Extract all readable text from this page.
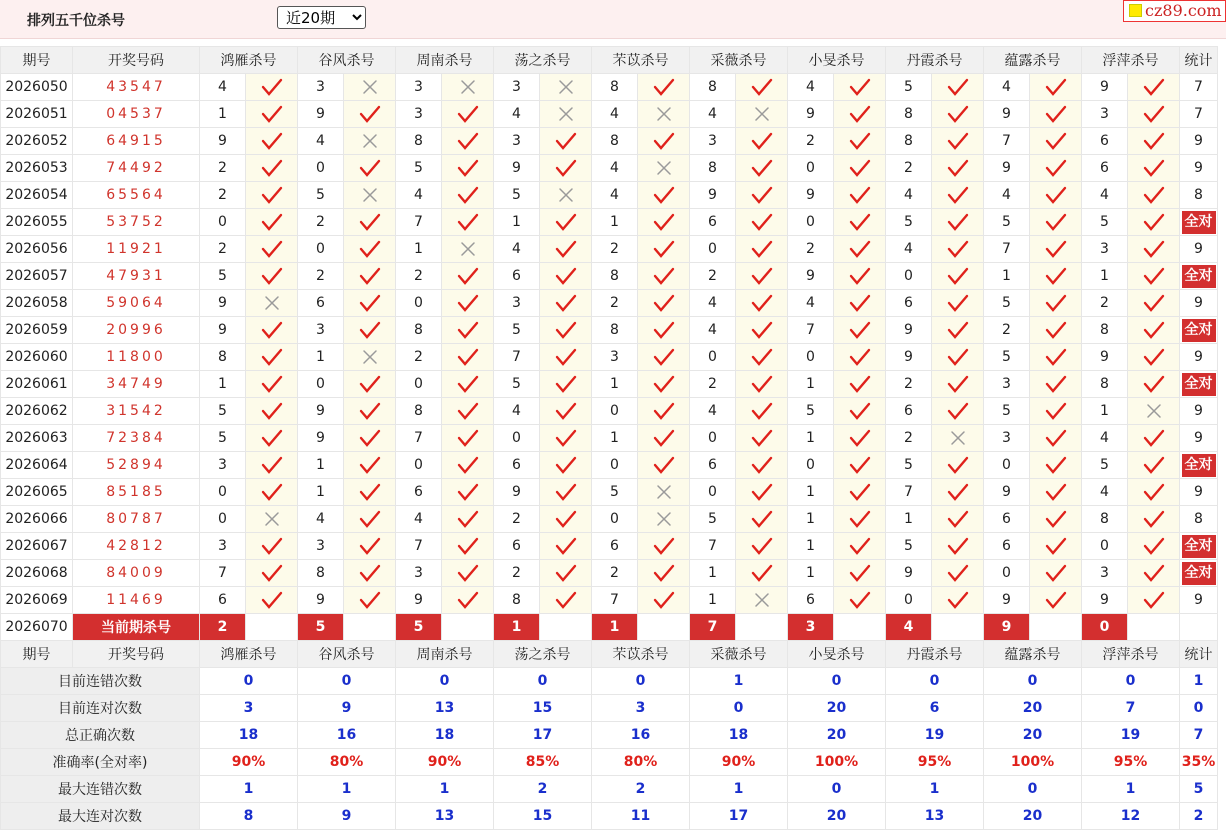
排列五千位杀号
近20期
cz89.com
期号	开奖号码	鸿雁杀号		谷风杀号		周南杀号		荡之杀号		芣苡杀号		采薇杀号		小旻杀号		丹霞杀号		蕴露杀号		浮萍杀号		统计
2026050	43547	4		3		3		3		8		8		4		5		4		9		7
2026051	04537	1		9		3		4		4		4		9		8		9		3		7
2026052	64915	9		4		8		3		8		3		2		8		7		6		9
2026053	74492	2		0		5		9		4		8		0		2		9		6		9
2026054	65564	2		5		4		5		4		9		9		4		4		4		8
2026055	53752	0		2		7		1		1		6		0		5		5		5		全对
2026056	11921	2		0		1		4		2		0		2		4		7		3		9
2026057	47931	5		2		2		6		8		2		9		0		1		1		全对
2026058	59064	9		6		0		3		2		4		4		6		5		2		9
2026059	20996	9		3		8		5		8		4		7		9		2		8		全对
2026060	11800	8		1		2		7		3		0		0		9		5		9		9
2026061	34749	1		0		0		5		1		2		1		2		3		8		全对
2026062	31542	5		9		8		4		0		4		5		6		5		1		9
2026063	72384	5		9		7		0		1		0		1		2		3		4		9
2026064	52894	3		1		0		6		0		6		0		5		0		5		全对
2026065	85185	0		1		6		9		5		0		1		7		9		4		9
2026066	80787	0		4		4		2		0		5		1		1		6		8		8
2026067	42812	3		3		7		6		6		7		1		5		6		0		全对
2026068	84009	7		8		3		2		2		1		1		9		0		3		全对
2026069	11469	6		9		9		8		7		1		6		0		9		9		9
2026070	当前期杀号	2		5		5		1		1		7		3		4		9		0		
期号	开奖号码	鸿雁杀号		谷风杀号		周南杀号		荡之杀号		芣苡杀号		采薇杀号		小旻杀号		丹霞杀号		蕴露杀号		浮萍杀号		统计
目前连错次数		0		0		0		0		0		1		0		0		0		0		1
目前连对次数		3		9		13		15		3		0		20		6		20		7		0
总正确次数		18		16		18		17		16		18		20		19		20		19		7
准确率(全对率)		90%		80%		90%		85%		80%		90%		100%		95%		100%		95%		35%
最大连错次数		1		1		1		2		2		1		0		1		0		1		5
最大连对次数		8		9		13		15		11		17		20		13		20		12		2
